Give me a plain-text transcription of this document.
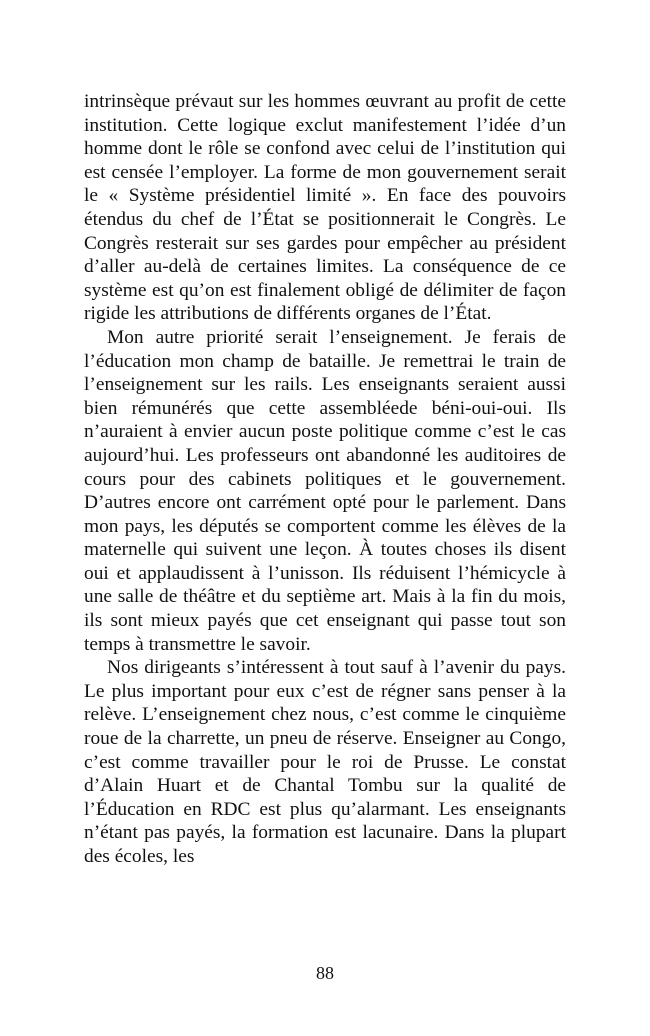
intrinsèque prévaut sur les hommes œuvrant au profit de cette institution. Cette logique exclut manifestement l’idée d’un homme dont le rôle se confond avec celui de l’institution qui est censée l’employer. La forme de mon gouvernement serait le « Système présidentiel limité ». En face des pouvoirs étendus du chef de l’État se positionnerait le Congrès. Le Congrès resterait sur ses gardes pour empêcher au président d’aller au-delà de certaines limites. La conséquence de ce système est qu’on est finalement obligé de délimiter de façon rigide les attributions de différents organes de l’État.

Mon autre priorité serait l’enseignement. Je ferais de l’éducation mon champ de bataille. Je remettrai le train de l’enseignement sur les rails. Les enseignants seraient aussi bien rémunérés que cette assembléede béni-oui-oui. Ils n’auraient à envier aucun poste politique comme c’est le cas aujourd’hui. Les professeurs ont abandonné les auditoires de cours pour des cabinets politiques et le gouvernement. D’autres encore ont carrément opté pour le parlement. Dans mon pays, les députés se comportent comme les élèves de la maternelle qui suivent une leçon. À toutes choses ils disent oui et applaudissent à l’unisson. Ils réduisent l’hémicycle à une salle de théâtre et du septième art. Mais à la fin du mois, ils sont mieux payés que cet enseignant qui passe tout son temps à transmettre le savoir.

Nos dirigeants s’intéressent à tout sauf à l’avenir du pays. Le plus important pour eux c’est de régner sans penser à la relève. L’enseignement chez nous, c’est comme le cinquième roue de la charrette, un pneu de réserve. Enseigner au Congo, c’est comme travailler pour le roi de Prusse. Le constat d’Alain Huart et de Chantal Tombu sur la qualité de l’Éducation en RDC est plus qu’alarmant. Les enseignants n’étant pas payés, la formation est lacunaire. Dans la plupart des écoles, les

88
